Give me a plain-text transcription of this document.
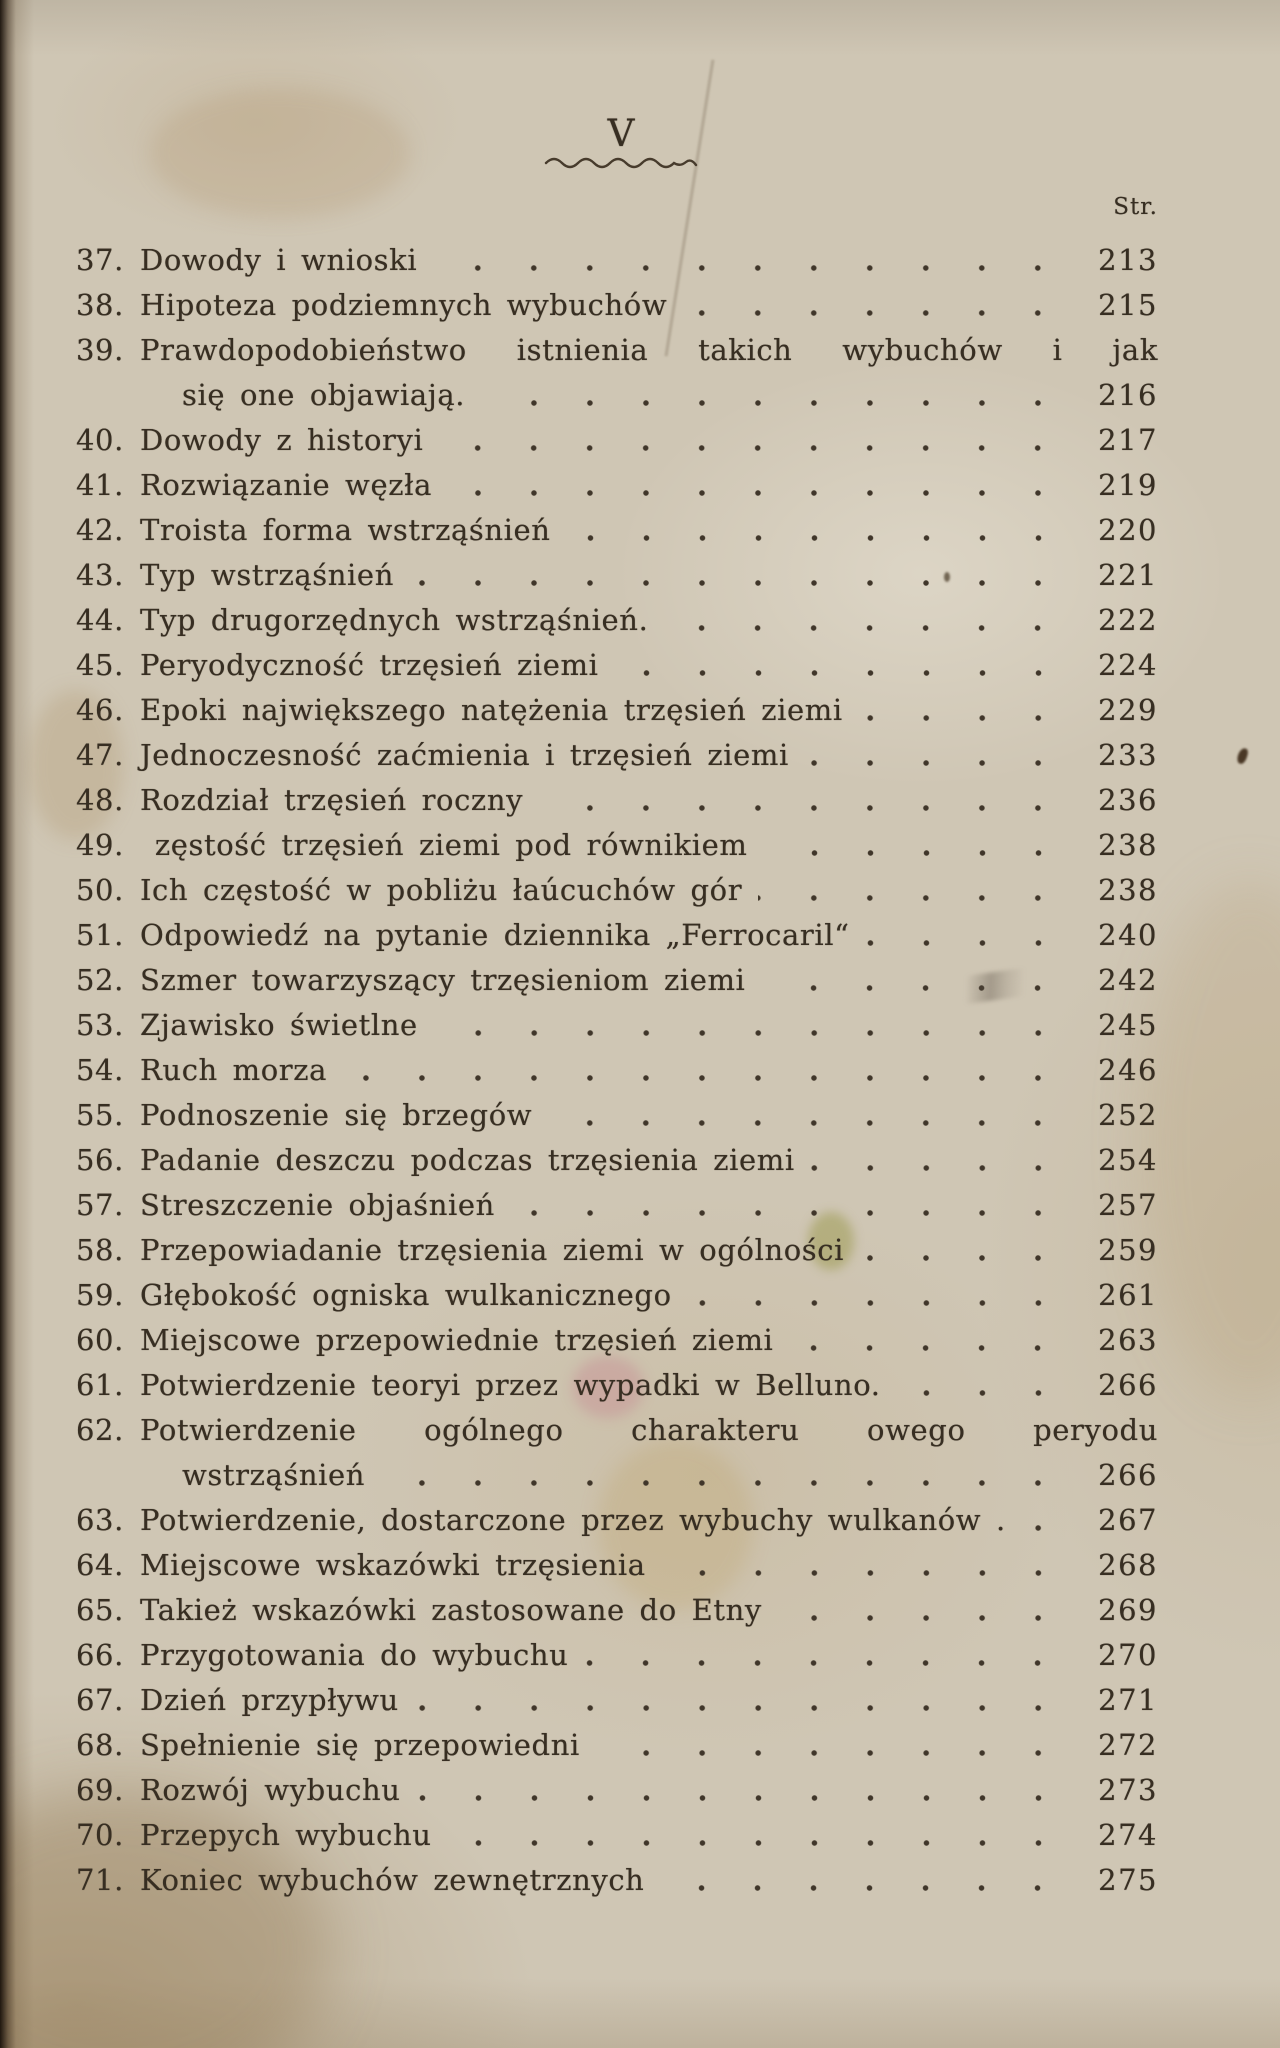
V
Str.
37. Dowody i wnioski	213
38. Hipoteza podziemnych wybuchów	215
39. Prawdopodobieństwo istnienia takich wybuchów i jak
się one objawiają.	216
40. Dowody z historyi	217
41. Rozwiązanie węzła	219
42. Troista forma wstrząśnień	220
43. Typ wstrząśnień	221
44. Typ drugorzędnych wstrząśnień.	222
45. Peryodyczność trzęsień ziemi	224
46. Epoki największego natężenia trzęsień ziemi	229
47. Jednoczesność zaćmienia i trzęsień ziemi	233
48. Rozdział trzęsień roczny	236
49. zęstość trzęsień ziemi pod równikiem	238
50. Ich częstość w pobliżu łaúcuchów gór	238
51. Odpowiedź na pytanie dziennika „Ferrocaril“	240
52. Szmer towarzyszący trzęsieniom ziemi	242
53. Zjawisko świetlne	245
54. Ruch morza	246
55. Podnoszenie się brzegów	252
56. Padanie deszczu podczas trzęsienia ziemi	254
57. Streszczenie objaśnień	257
58. Przepowiadanie trzęsienia ziemi w ogólności	259
59. Głębokość ogniska wulkanicznego	261
60. Miejscowe przepowiednie trzęsień ziemi	263
61. Potwierdzenie teoryi przez wypadki w Belluno.	266
62. Potwierdzenie ogólnego charakteru owego peryodu
wstrząśnień	266
63. Potwierdzenie, dostarczone przez wybuchy wulkanów .	267
64. Miejscowe wskazówki trzęsienia	268
65. Takież wskazówki zastosowane do Etny	269
66. Przygotowania do wybuchu	270
67. Dzień przypływu	271
68. Spełnienie się przepowiedni	272
69. Rozwój wybuchu	273
70. Przepych wybuchu	274
71. Koniec wybuchów zewnętrznych	275
